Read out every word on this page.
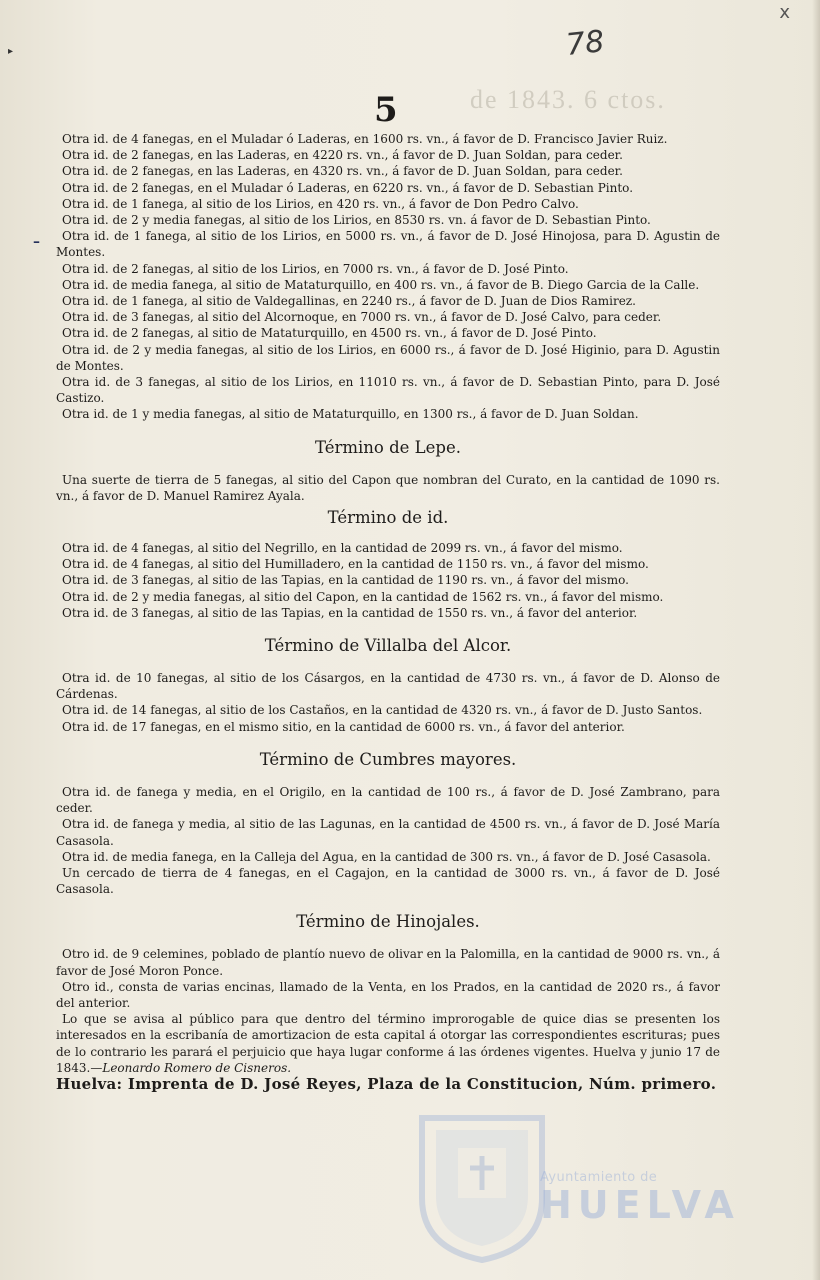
▸
x
78
de 1843. 6 ctos.
5
–

Otra id. de 4 fanegas, en el Muladar ó Laderas, en 1600 rs. vn., á favor de D. Francisco Javier Ruiz.

Otra id. de 2 fanegas, en las Laderas, en 4220 rs. vn., á favor de D. Juan Soldan, para ceder.

Otra id. de 2 fanegas, en las Laderas, en 4320 rs. vn., á favor de D. Juan Soldan, para ceder.

Otra id. de 2 fanegas, en el Muladar ó Laderas, en 6220 rs. vn., á favor de D. Sebastian Pinto.

Otra id. de 1 fanega, al sitio de los Lirios, en 420 rs. vn., á favor de Don Pedro Calvo.

Otra id. de 2 y media fanegas, al sitio de los Lirios, en 8530 rs. vn. á favor de D. Sebastian Pinto.

Otra id. de 1 fanega, al sitio de los Lirios, en 5000 rs. vn., á favor de D. José Hinojosa, para D. Agustin de Montes.

Otra id. de 2 fanegas, al sitio de los Lirios, en 7000 rs. vn., á favor de D. José Pinto.

Otra id. de media fanega, al sitio de Mataturquillo, en 400 rs. vn., á favor de B. Diego Garcia de la Calle.

Otra id. de 1 fanega, al sitio de Valdegallinas, en 2240 rs., á favor de D. Juan de Dios Ramirez.

Otra id. de 3 fanegas, al sitio del Alcornoque, en 7000 rs. vn., á favor de D. José Calvo, para ceder.

Otra id. de 2 fanegas, al sitio de Mataturquillo, en 4500 rs. vn., á favor de D. José Pinto.

Otra id. de 2 y media fanegas, al sitio de los Lirios, en 6000 rs., á favor de D. José Higinio, para D. Agustin de Montes.

Otra id. de 3 fanegas, al sitio de los Lirios, en 11010 rs. vn., á favor de D. Sebastian Pinto, para D. José Castizo.

Otra id. de 1 y media fanegas, al sitio de Mataturquillo, en 1300 rs., á favor de D. Juan Soldan.

Término de Lepe.

Una suerte de tierra de 5 fanegas, al sitio del Capon que nombran del Curato, en la cantidad de 1090 rs. vn., á favor de D. Manuel Ramirez Ayala.

Término de id.

Otra id. de 4 fanegas, al sitio del Negrillo, en la cantidad de 2099 rs. vn., á favor del mismo.

Otra id. de 4 fanegas, al sitio del Humilladero, en la cantidad de 1150 rs. vn., á favor del mismo.

Otra id. de 3 fanegas, al sitio de las Tapias, en la cantidad de 1190 rs. vn., á favor del mismo.

Otra id. de 2 y media fanegas, al sitio del Capon, en la cantidad de 1562 rs. vn., á favor del mismo.

Otra id. de 3 fanegas, al sitio de las Tapias, en la cantidad de 1550 rs. vn., á favor del anterior.

Término de Villalba del Alcor.

Otra id. de 10 fanegas, al sitio de los Cásargos, en la cantidad de 4730 rs. vn., á favor de D. Alonso de Cárdenas.

Otra id. de 14 fanegas, al sitio de los Castaños, en la cantidad de 4320 rs. vn., á favor de D. Justo Santos.

Otra id. de 17 fanegas, en el mismo sitio, en la cantidad de 6000 rs. vn., á favor del anterior.

Término de Cumbres mayores.

Otra id. de fanega y media, en el Origilo, en la cantidad de 100 rs., á favor de D. José Zambrano, para ceder.

Otra id. de fanega y media, al sitio de las Lagunas, en la cantidad de 4500 rs. vn., á favor de D. José María Casasola.

Otra id. de media fanega, en la Calleja del Agua, en la cantidad de 300 rs. vn., á favor de D. José Casasola.

Un cercado de tierra de 4 fanegas, en el Cagajon, en la cantidad de 3000 rs. vn., á favor de D. José Casasola.

Término de Hinojales.

Otro id. de 9 celemines, poblado de plantío nuevo de olivar en la Palomilla, en la cantidad de 9000 rs. vn., á favor de José Moron Ponce.

Otro id., consta de varias encinas, llamado de la Venta, en los Prados, en la cantidad de 2020 rs., á favor del anterior.

Lo que se avisa al público para que dentro del término improrogable de quice dias se presenten los interesados en la escribanía de amortizacion de esta capital á otorgar las correspondientes escrituras; pues de lo contrario les parará el perjuicio que haya lugar conforme á las órdenes vigentes. Huelva y junio 17 de 1843.—Leonardo Romero de Cisneros.

Huelva: Imprenta de D. José Reyes, Plaza de la Constitucion, Núm. primero.

Ayuntamiento de
HUELVA
